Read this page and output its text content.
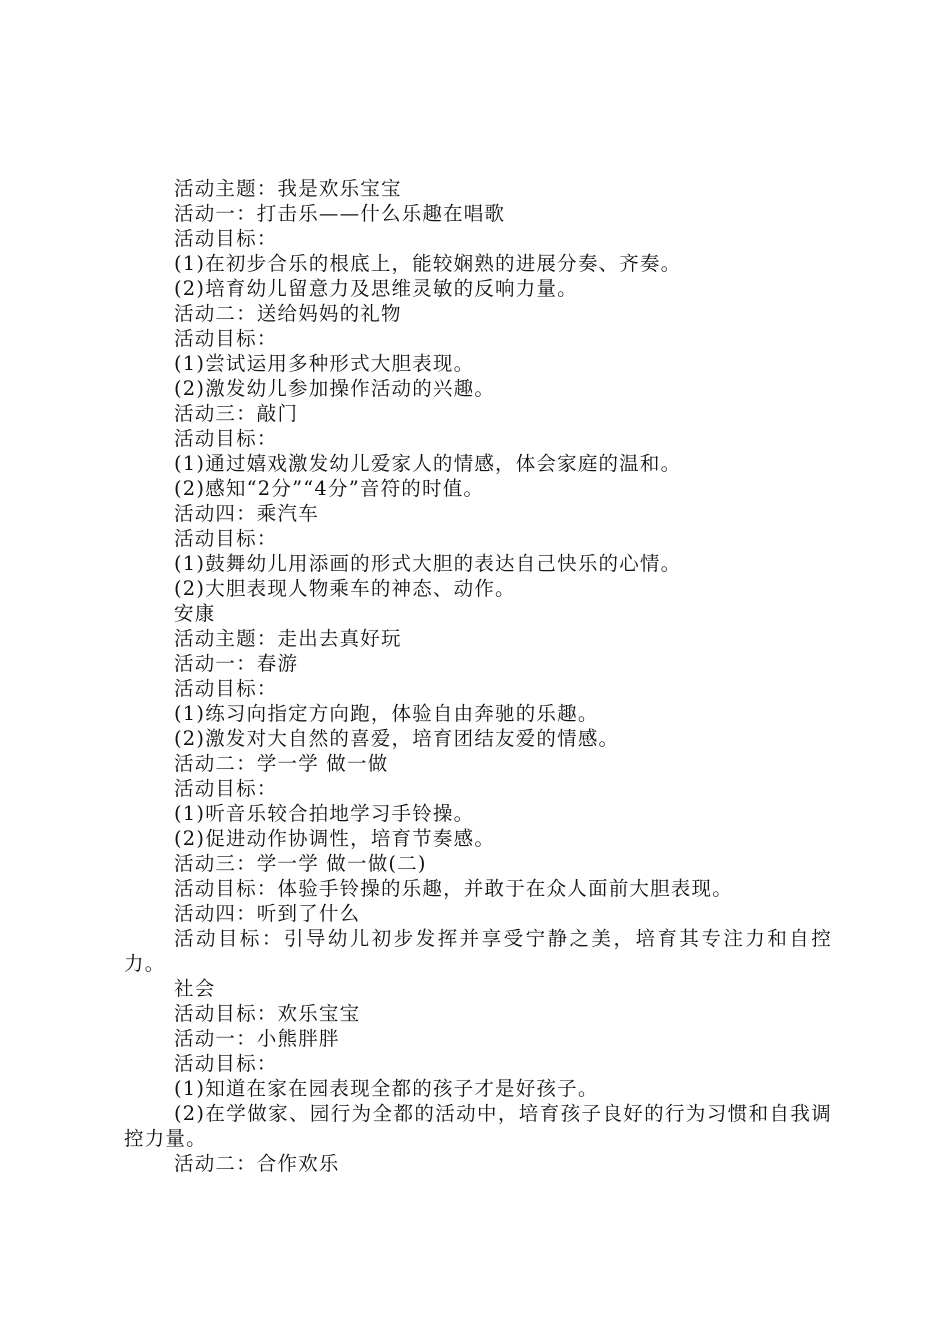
活动主题：我是欢乐宝宝
活动一：打击乐——什么乐趣在唱歌
活动目标：
(1)在初步合乐的根底上，能较娴熟的进展分奏、齐奏。
(2)培育幼儿留意力及思维灵敏的反响力量。
活动二：送给妈妈的礼物
活动目标：
(1)尝试运用多种形式大胆表现。
(2)激发幼儿参加操作活动的兴趣。
活动三：敲门
活动目标：
(1)通过嬉戏激发幼儿爱家人的情感，体会家庭的温和。
(2)感知“2分”“4分”音符的时值。
活动四：乘汽车
活动目标：
(1)鼓舞幼儿用添画的形式大胆的表达自己快乐的心情。
(2)大胆表现人物乘车的神态、动作。
安康
活动主题：走出去真好玩
活动一：春游
活动目标：
(1)练习向指定方向跑，体验自由奔驰的乐趣。
(2)激发对大自然的喜爱，培育团结友爱的情感。
活动二：学一学 做一做
活动目标：
(1)听音乐较合拍地学习手铃操。
(2)促进动作协调性，培育节奏感。
活动三：学一学 做一做(二)
活动目标：体验手铃操的乐趣，并敢于在众人面前大胆表现。
活动四：听到了什么
活动目标：引导幼儿初步发挥并享受宁静之美，培育其专注力和自控力。
社会
活动目标：欢乐宝宝
活动一：小熊胖胖
活动目标：
(1)知道在家在园表现全都的孩子才是好孩子。
(2)在学做家、园行为全都的活动中，培育孩子良好的行为习惯和自我调控力量。
活动二：合作欢乐
